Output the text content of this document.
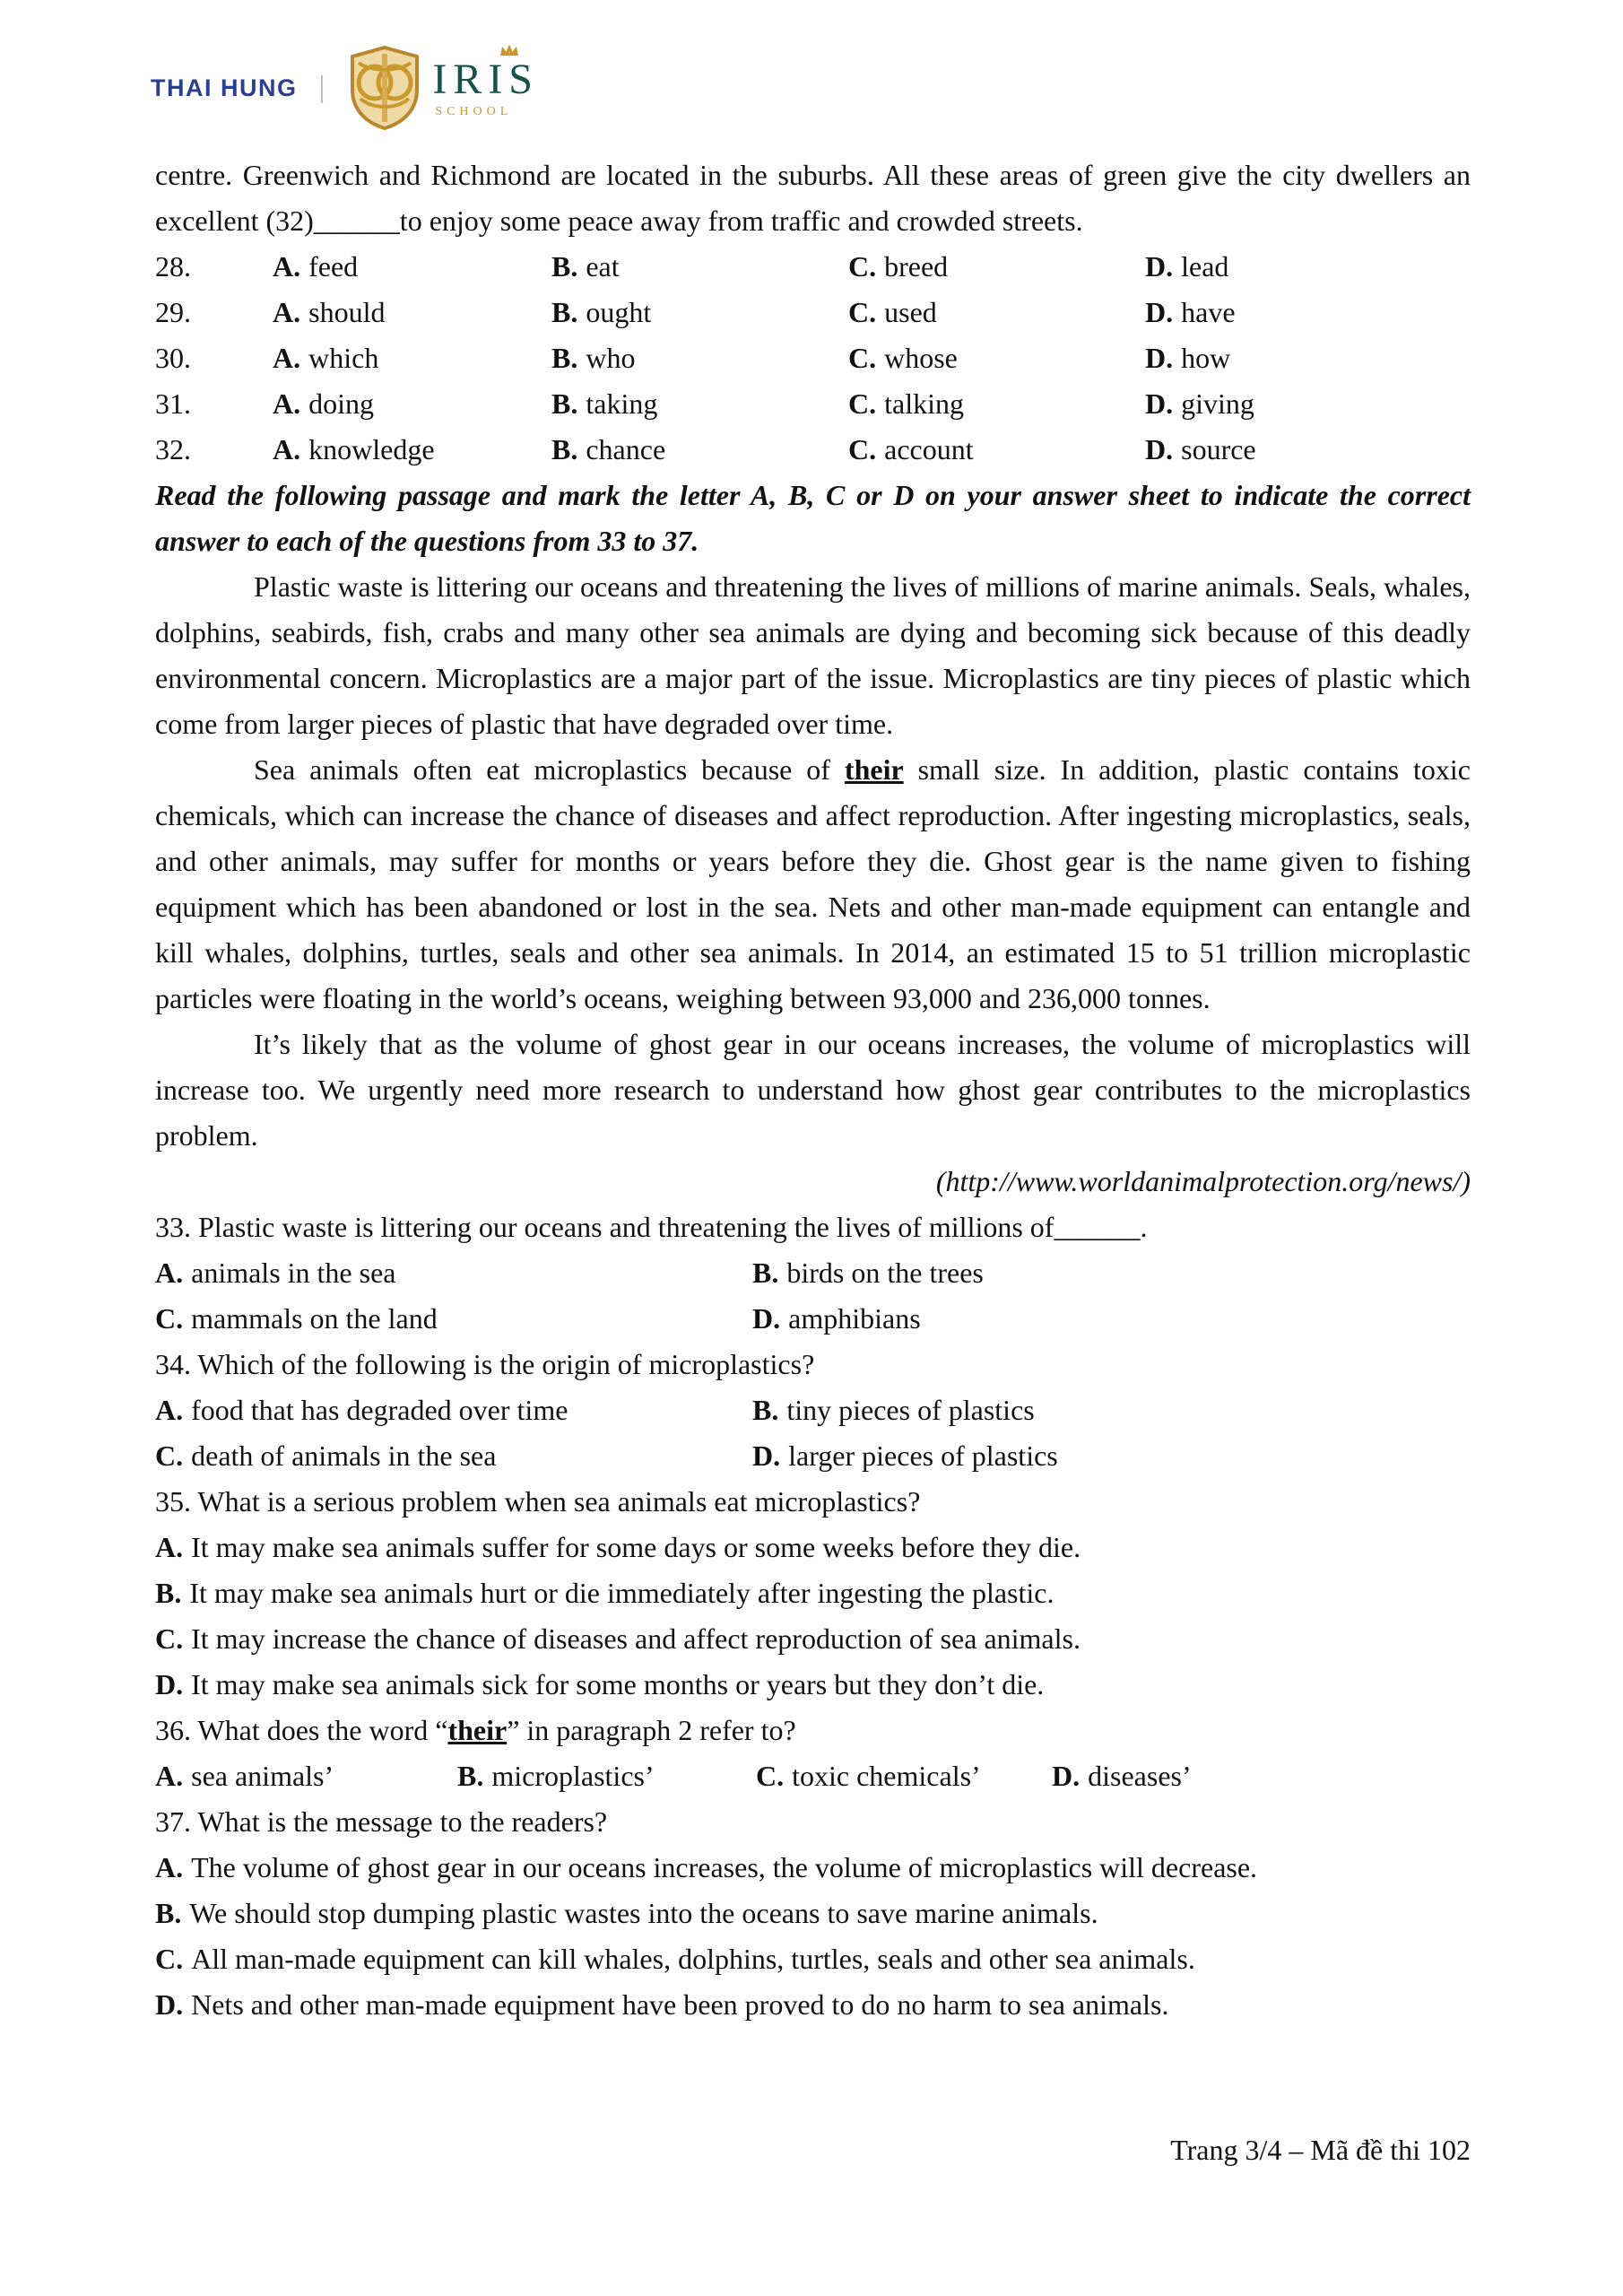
THAI HUNG |	IRIS
SCHOOL

centre. Greenwich and Richmond are located in the suburbs. All these areas of green give the city dwellers an excellent (32)______to enjoy some peace away from traffic and crowded streets.

28.	A. feed	B. eat	C. breed	D. lead
29.	A. should	B. ought	C. used	D. have
30.	A. which	B. who	C. whose	D. how
31.	A. doing	B. taking	C. talking	D. giving
32.	A. knowledge	B. chance	C. account	D. source

Read the following passage and mark the letter A, B, C or D on your answer sheet to indicate the correct answer to each of the questions from 33 to 37.

Plastic waste is littering our oceans and threatening the lives of millions of marine animals. Seals, whales, dolphins, seabirds, fish, crabs and many other sea animals are dying and becoming sick because of this deadly environmental concern. Microplastics are a major part of the issue. Microplastics are tiny pieces of plastic which come from larger pieces of plastic that have degraded over time.

Sea animals often eat microplastics because of their small size. In addition, plastic contains toxic chemicals, which can increase the chance of diseases and affect reproduction. After ingesting microplastics, seals, and other animals, may suffer for months or years before they die. Ghost gear is the name given to fishing equipment which has been abandoned or lost in the sea. Nets and other man-made equipment can entangle and kill whales, dolphins, turtles, seals and other sea animals. In 2014, an estimated 15 to 51 trillion microplastic particles were floating in the world’s oceans, weighing between 93,000 and 236,000 tonnes.

It’s likely that as the volume of ghost gear in our oceans increases, the volume of microplastics will increase too. We urgently need more research to understand how ghost gear contributes to the microplastics problem.

(http://www.worldanimalprotection.org/news/)

33. Plastic waste is littering our oceans and threatening the lives of millions of______.

A. animals in the sea	B. birds on the trees
C. mammals on the land	D. amphibians

34. Which of the following is the origin of microplastics?

A. food that has degraded over time	B. tiny pieces of plastics
C. death of animals in the sea	D. larger pieces of plastics

35. What is a serious problem when sea animals eat microplastics?

A. It may make sea animals suffer for some days or some weeks before they die.

B. It may make sea animals hurt or die immediately after ingesting the plastic.

C. It may increase the chance of diseases and affect reproduction of sea animals.

D. It may make sea animals sick for some months or years but they don’t die.

36. What does the word “their” in paragraph 2 refer to?

A. sea animals’	B. microplastics’	C. toxic chemicals’	D. diseases’

37. What is the message to the readers?

A. The volume of ghost gear in our oceans increases, the volume of microplastics will decrease.

B. We should stop dumping plastic wastes into the oceans to save marine animals.

C. All man-made equipment can kill whales, dolphins, turtles, seals and other sea animals.

D. Nets and other man-made equipment have been proved to do no harm to sea animals.

Trang 3/4 – Mã đề thi 102
